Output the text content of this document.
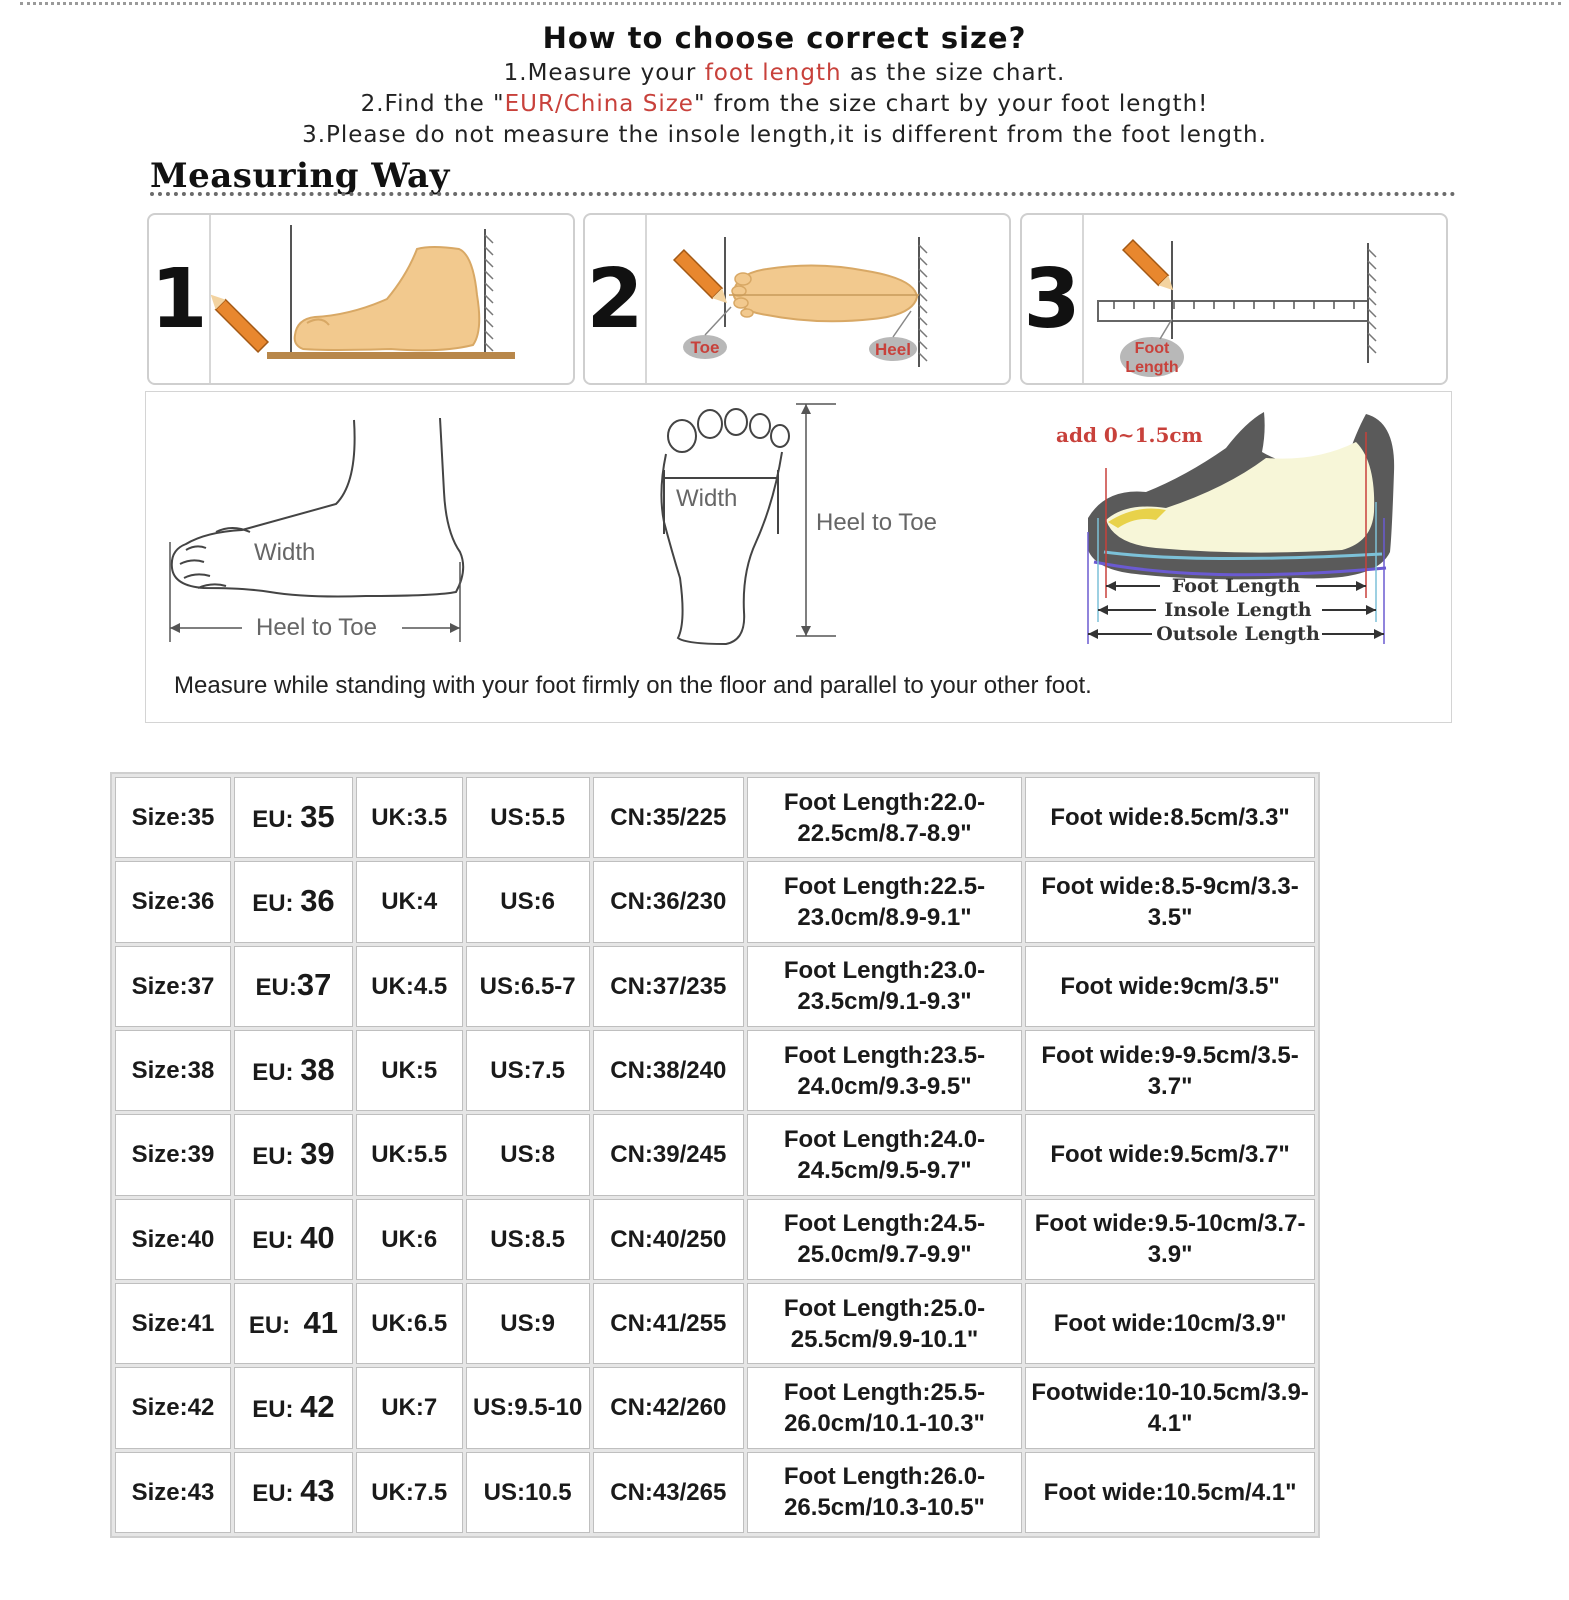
How to choose correct size?

1.Measure your foot length as the size chart.

2.Find the "EUR/China Size" from the size chart by your foot length!

3.Please do not measure the insole length,it is different from the foot length.

Measuring Way
1	2
Toe	Heel
3
Foot
Length
Width
Heel to Toe
Width
Heel to Toe
add 0~1.5cm
Foot Length
Insole Length
Outsole Length
Measure while standing with your foot firmly on the floor and parallel to your other foot.
Size:35	EU: 35	UK:3.5	US:5.5	CN:35/225	Foot Length:22.0-22.5cm/8.7-8.9"	Foot wide:8.5cm/3.3"
Size:36	EU: 36	UK:4	US:6	CN:36/230	Foot Length:22.5-23.0cm/8.9-9.1"	Foot wide:8.5-9cm/3.3-3.5"
Size:37	EU:37	UK:4.5	US:6.5-7	CN:37/235	Foot Length:23.0-23.5cm/9.1-9.3"	Foot wide:9cm/3.5"
Size:38	EU: 38	UK:5	US:7.5	CN:38/240	Foot Length:23.5-24.0cm/9.3-9.5"	Foot wide:9-9.5cm/3.5-3.7"
Size:39	EU: 39	UK:5.5	US:8	CN:39/245	Foot Length:24.0-24.5cm/9.5-9.7"	Foot wide:9.5cm/3.7"
Size:40	EU: 40	UK:6	US:8.5	CN:40/250	Foot Length:24.5-25.0cm/9.7-9.9"	Foot wide:9.5-10cm/3.7-3.9"
Size:41	EU:  41	UK:6.5	US:9	CN:41/255	Foot Length:25.0-25.5cm/9.9-10.1"	Foot wide:10cm/3.9"
Size:42	EU: 42	UK:7	US:9.5-10	CN:42/260	Foot Length:25.5-26.0cm/10.1-10.3"	Footwide:10-10.5cm/3.9-4.1"
Size:43	EU: 43	UK:7.5	US:10.5	CN:43/265	Foot Length:26.0-26.5cm/10.3-10.5"	Foot wide:10.5cm/4.1"
